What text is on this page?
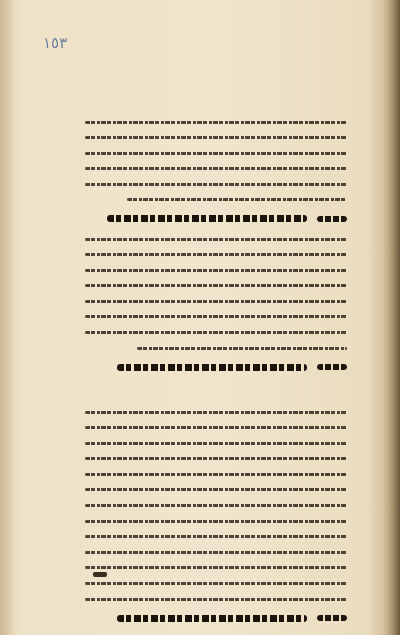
١٥٣
